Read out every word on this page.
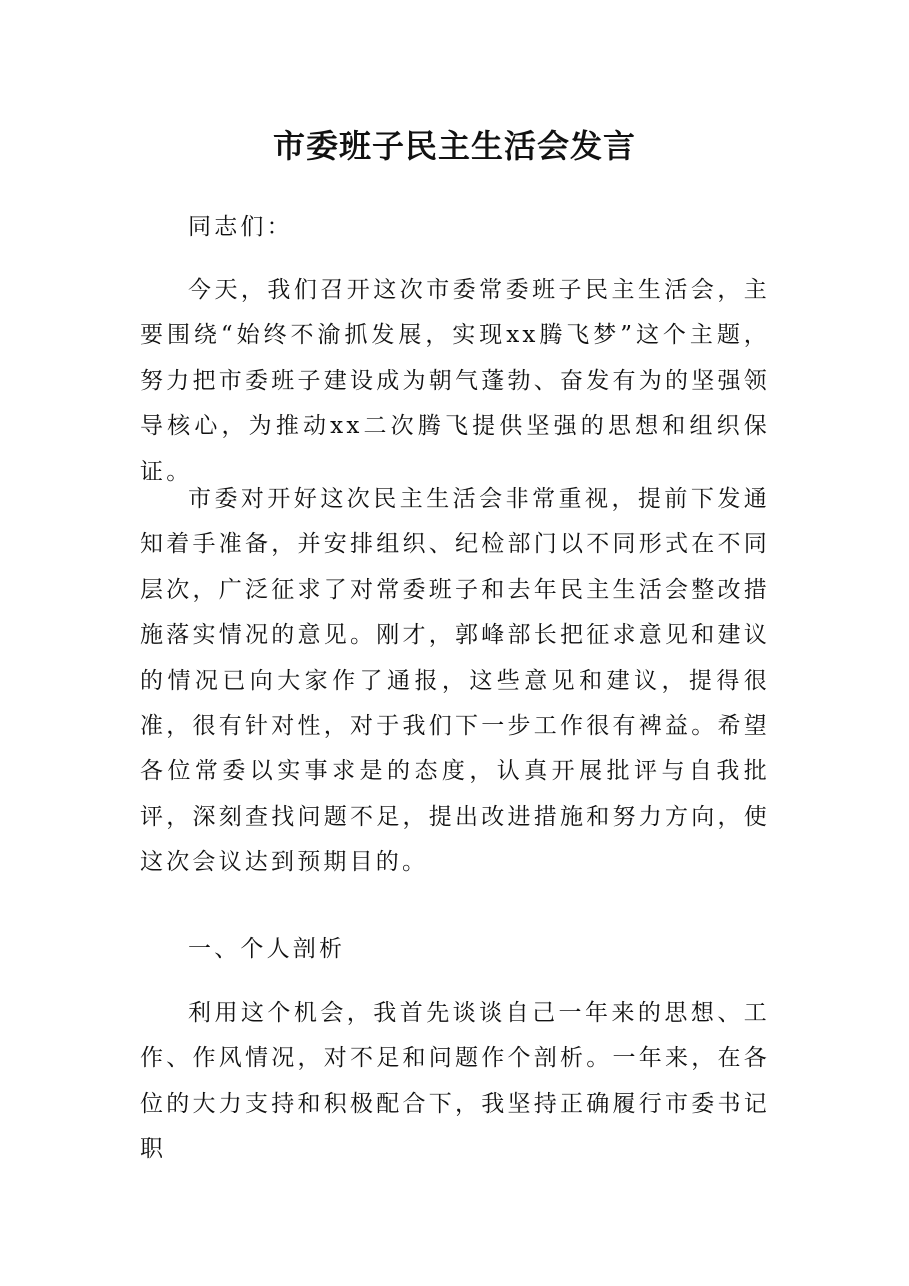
市委班子民主生活会发言

同志们：

今天，我们召开这次市委常委班子民主生活会，主要围绕“始终不渝抓发展，实现xx腾飞梦”这个主题，努力把市委班子建设成为朝气蓬勃、奋发有为的坚强领导核心，为推动xx二次腾飞提供坚强的思想和组织保证。

市委对开好这次民主生活会非常重视，提前下发通知着手准备，并安排组织、纪检部门以不同形式在不同层次，广泛征求了对常委班子和去年民主生活会整改措施落实情况的意见。刚才，郭峰部长把征求意见和建议的情况已向大家作了通报，这些意见和建议，提得很准，很有针对性，对于我们下一步工作很有裨益。希望各位常委以实事求是的态度，认真开展批评与自我批评，深刻查找问题不足，提出改进措施和努力方向，使这次会议达到预期目的。

一、个人剖析

利用这个机会，我首先谈谈自己一年来的思想、工作、作风情况，对不足和问题作个剖析。一年来，在各位的大力支持和积极配合下，我坚持正确履行市委书记职
